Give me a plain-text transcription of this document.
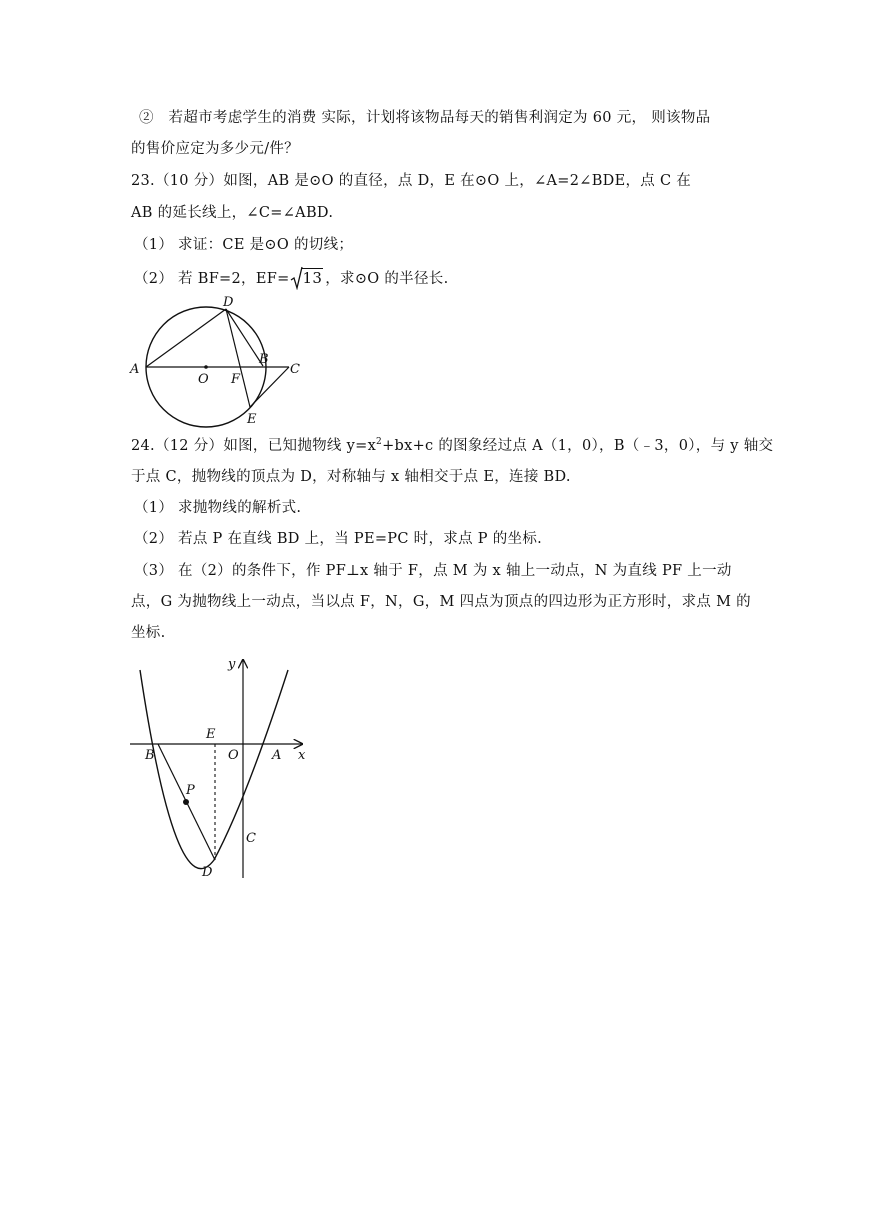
② 若超市考虑学生的消费 实际，计划将该物品每天的销售利润定为 60 元， 则该物品
的售价应定为多少元/件？
23.（10 分）如图，AB 是⊙O 的直径，点 D，E 在⊙O 上，∠A=2∠BDE，点 C 在
AB 的延长线上，∠C=∠ABD.
（1） 求证：CE 是⊙O 的切线；
（2） 若 BF=2，EF= 13 ，求⊙O 的半径长.
A
O F
B
C
D
E
24.（12 分）如图，已知抛物线 $y=x^2+bx+c$ 的图象经过点 A（1，0），B（﹣3，0），与 y 轴交
于点 C，抛物线的顶点为 D，对称轴与 x 轴相交于点 E，连接 BD.
（1） 求抛物线的解析式.
（2） 若点 P 在直线 BD 上，当 PE=PC 时，求点 P 的坐标.
（3） 在（2）的条件下，作 PF⊥x 轴于 F，点 M 为 x 轴上一动点，N 为直线 PF 上一动
点，G 为抛物线上一动点，当以点 F，N，G，M 四点为顶点的四边形为正方形时，求点 M 的
坐标.
y
x
B
E
O	A
P
C
D
